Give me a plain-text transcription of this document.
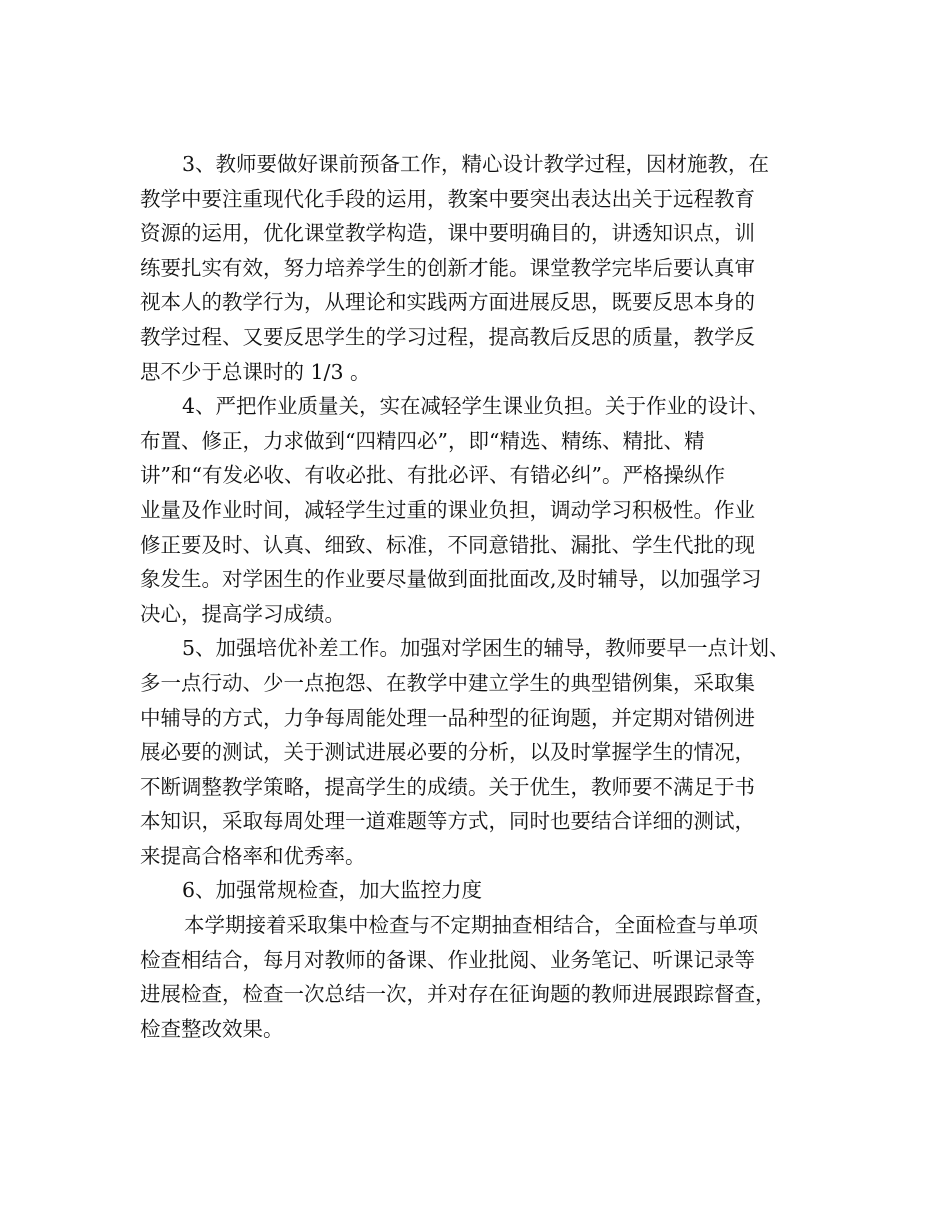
3、教师要做好课前预备工作，精心设计教学过程，因材施教，在
教学中要注重现代化手段的运用，教案中要突出表达出关于远程教育
资源的运用，优化课堂教学构造，课中要明确目的，讲透知识点，训
练要扎实有效，努力培养学生的创新才能。课堂教学完毕后要认真审
视本人的教学行为，从理论和实践两方面进展反思，既要反思本身的
教学过程、又要反思学生的学习过程，提高教后反思的质量，教学反
思不少于总课时的 1/3 。
4、严把作业质量关，实在减轻学生课业负担。关于作业的设计、
布置、修正，力求做到“四精四必”，即“精选、精练、精批、精
讲”和“有发必收、有收必批、有批必评、有错必纠”。严格操纵作
业量及作业时间，减轻学生过重的课业负担，调动学习积极性。作业
修正要及时、认真、细致、标准，不同意错批、漏批、学生代批的现
象发生。对学困生的作业要尽量做到面批面改,及时辅导，以加强学习
决心，提高学习成绩。
5、加强培优补差工作。加强对学困生的辅导，教师要早一点计划、
多一点行动、少一点抱怨、在教学中建立学生的典型错例集，采取集
中辅导的方式，力争每周能处理一品种型的征询题，并定期对错例进
展必要的测试，关于测试进展必要的分析，以及时掌握学生的情况，
不断调整教学策略，提高学生的成绩。关于优生，教师要不满足于书
本知识，采取每周处理一道难题等方式，同时也要结合详细的测试，
来提高合格率和优秀率。
6、加强常规检查，加大监控力度
本学期接着采取集中检查与不定期抽查相结合，全面检查与单项
检查相结合，每月对教师的备课、作业批阅、业务笔记、听课记录等
进展检查，检查一次总结一次，并对存在征询题的教师进展跟踪督查，
检查整改效果。
